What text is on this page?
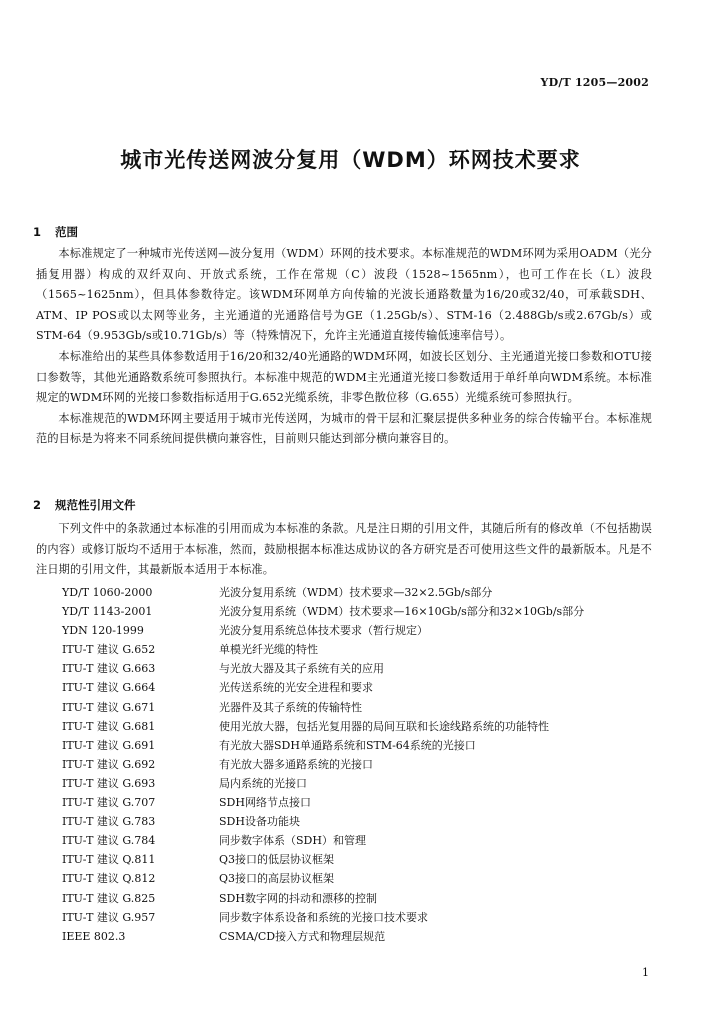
YD/T 1205—2002
城市光传送网波分复用（WDM）环网技术要求
1 范围

本标准规定了一种城市光传送网—波分复用（WDM）环网的技术要求。本标准规范的WDM环网为采用OADM（光分插复用器）构成的双纤双向、开放式系统，工作在常规（C）波段（1528~1565nm），也可工作在长（L）波段（1565~1625nm），但具体参数待定。该WDM环网单方向传输的光波长通路数量为16/20或32/40，可承载SDH、ATM、IP POS或以太网等业务，主光通道的光通路信号为GE（1.25Gb/s）、STM-16（2.488Gb/s或2.67Gb/s）或STM-64（9.953Gb/s或10.71Gb/s）等（特殊情况下，允许主光通道直接传输低速率信号）。

本标准给出的某些具体参数适用于16/20和32/40光通路的WDM环网，如波长区划分、主光通道光接口参数和OTU接口参数等，其他光通路数系统可参照执行。本标准中规范的WDM主光通道光接口参数适用于单纤单向WDM系统。本标准规定的WDM环网的光接口参数指标适用于G.652光缆系统，非零色散位移（G.655）光缆系统可参照执行。

本标准规范的WDM环网主要适用于城市光传送网，为城市的骨干层和汇聚层提供多种业务的综合传输平台。本标准规范的目标是为将来不同系统间提供横向兼容性，目前则只能达到部分横向兼容目的。

2 规范性引用文件

下列文件中的条款通过本标准的引用而成为本标准的条款。凡是注日期的引用文件，其随后所有的修改单（不包括勘误的内容）或修订版均不适用于本标准，然而，鼓励根据本标准达成协议的各方研究是否可使用这些文件的最新版本。凡是不注日期的引用文件，其最新版本适用于本标准。

YD/T 1060-2000	光波分复用系统（WDM）技术要求—32×2.5Gb/s部分
YD/T 1143-2001	光波分复用系统（WDM）技术要求—16×10Gb/s部分和32×10Gb/s部分
YDN 120-1999	光波分复用系统总体技术要求（暂行规定）
ITU-T 建议 G.652	单模光纤光缆的特性
ITU-T 建议 G.663	与光放大器及其子系统有关的应用
ITU-T 建议 G.664	光传送系统的光安全进程和要求
ITU-T 建议 G.671	光器件及其子系统的传输特性
ITU-T 建议 G.681	使用光放大器，包括光复用器的局间互联和长途线路系统的功能特性
ITU-T 建议 G.691	有光放大器SDH单通路系统和STM-64系统的光接口
ITU-T 建议 G.692	有光放大器多通路系统的光接口
ITU-T 建议 G.693	局内系统的光接口
ITU-T 建议 G.707	SDH网络节点接口
ITU-T 建议 G.783	SDH设备功能块
ITU-T 建议 G.784	同步数字体系（SDH）和管理
ITU-T 建议 Q.811	Q3接口的低层协议框架
ITU-T 建议 Q.812	Q3接口的高层协议框架
ITU-T 建议 G.825	SDH数字网的抖动和漂移的控制
ITU-T 建议 G.957	同步数字体系设备和系统的光接口技术要求
IEEE 802.3	CSMA/CD接入方式和物理层规范
1
